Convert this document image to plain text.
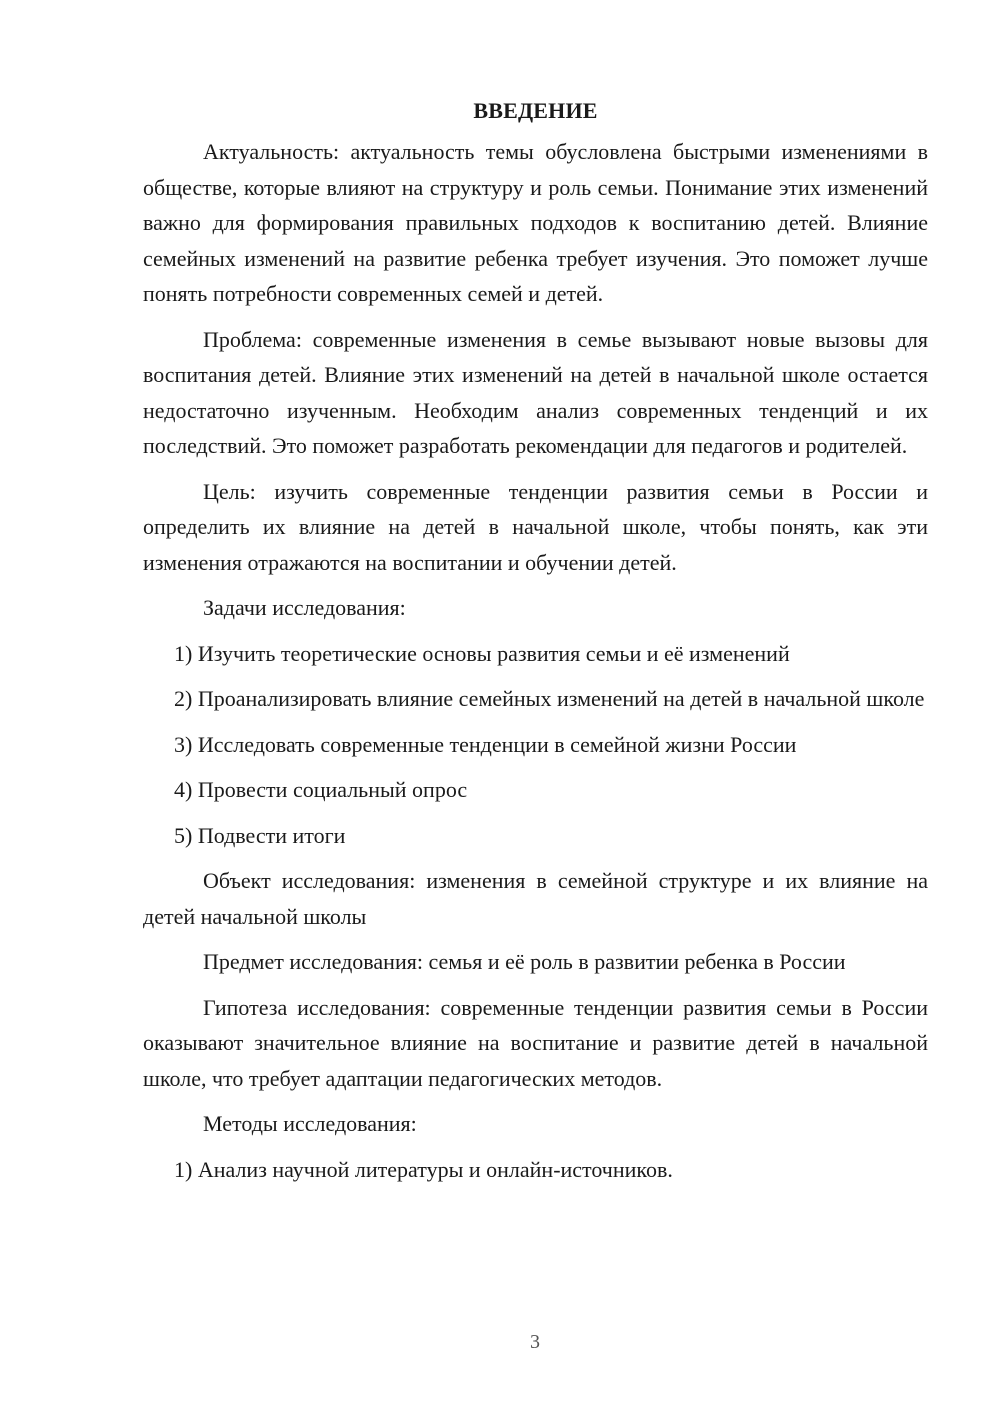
ВВЕДЕНИЕ

Актуальность: актуальность темы обусловлена быстрыми изменениями в обществе, которые влияют на структуру и роль семьи. Понимание этих изменений важно для формирования правильных подходов к воспитанию детей. Влияние семейных изменений на развитие ребенка требует изучения. Это поможет лучше понять потребности современных семей и детей.

Проблема: современные изменения в семье вызывают новые вызовы для воспитания детей. Влияние этих изменений на детей в начальной школе остается недостаточно изученным. Необходим анализ современных тенденций и их последствий. Это поможет разработать рекомендации для педагогов и родителей.

Цель: изучить современные тенденции развития семьи в России и определить их влияние на детей в начальной школе, чтобы понять, как эти изменения отражаются на воспитании и обучении детей.

Задачи исследования:

1) Изучить теоретические основы развития семьи и её изменений

2) Проанализировать влияние семейных изменений на детей в начальной школе

3) Исследовать современные тенденции в семейной жизни России

4) Провести социальный опрос

5) Подвести итоги

Объект исследования: изменения в семейной структуре и их влияние на детей начальной школы

Предмет исследования: семья и её роль в развитии ребенка в России

Гипотеза исследования: современные тенденции развития семьи в России оказывают значительное влияние на воспитание и развитие детей в начальной школе, что требует адаптации педагогических методов.

Методы исследования:

1) Анализ научной литературы и онлайн-источников.

3
